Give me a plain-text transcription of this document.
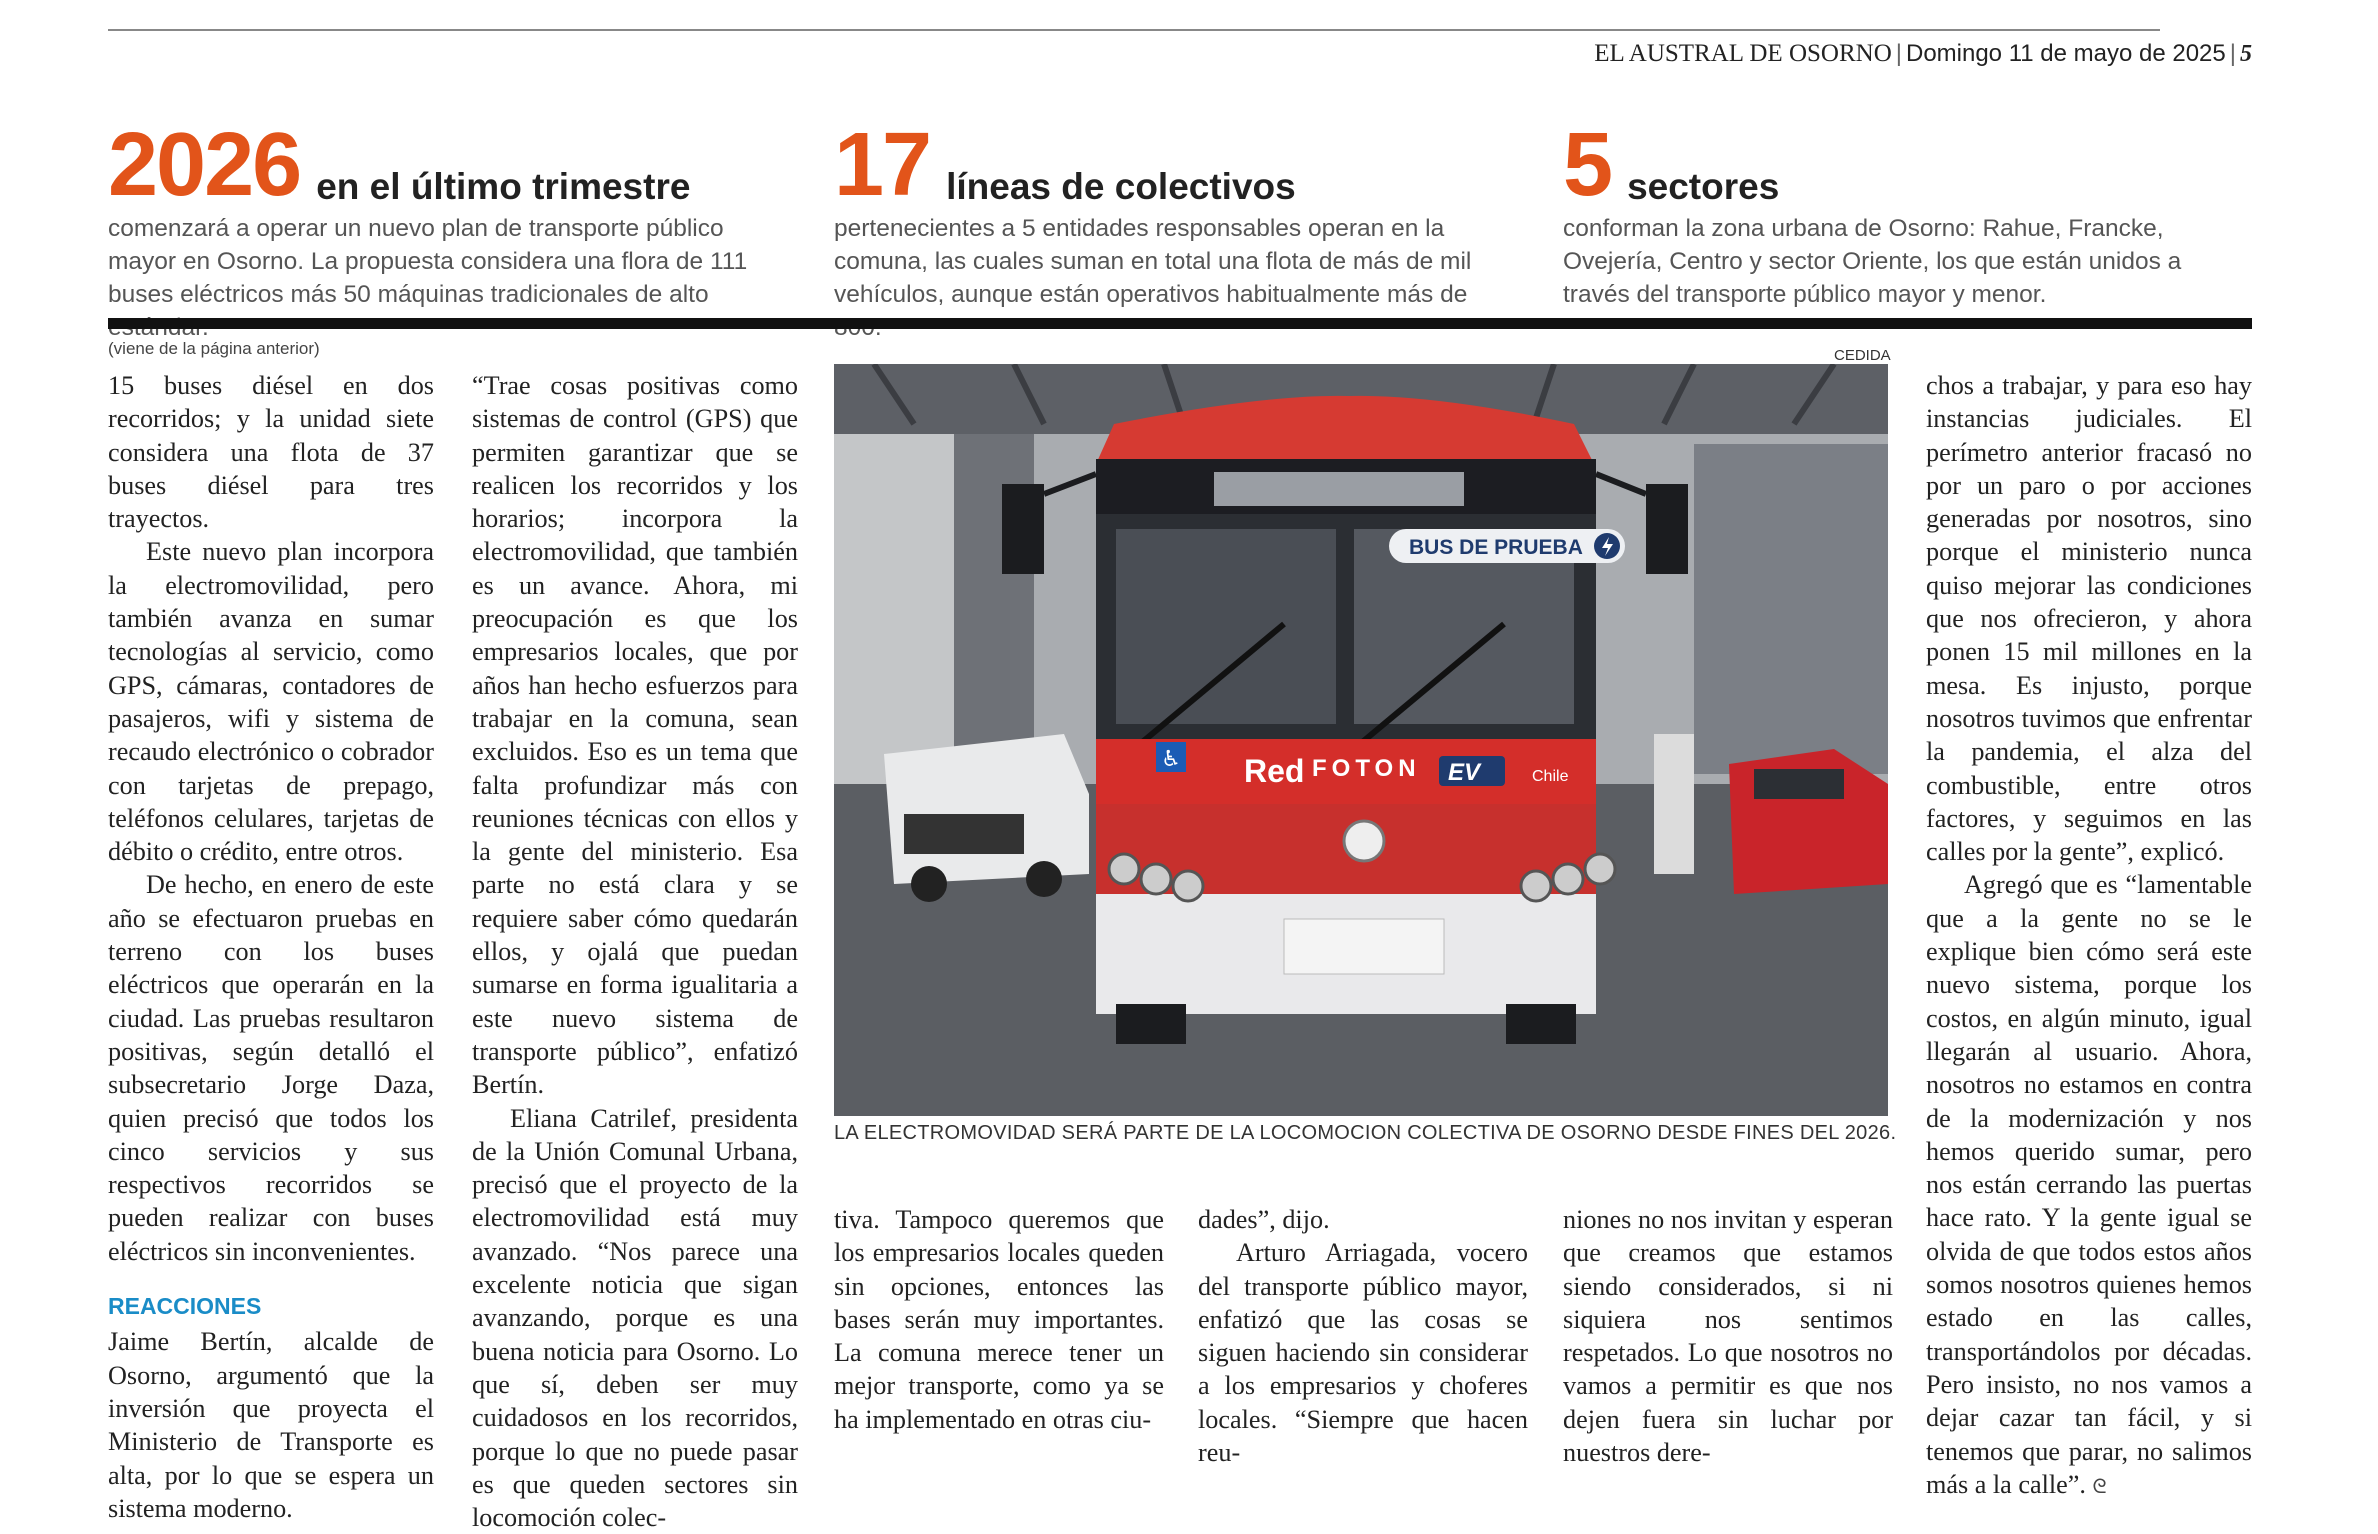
EL AUSTRAL DE OSORNO | Domingo 11 de mayo de 2025 | 5
2026 en el último trimestre
comenzará a operar un nuevo plan de transporte público mayor en Osorno. La propuesta considera una flora de 111 buses eléctricos más 50 máquinas tradicionales de alto
17 líneas de colectivos
pertenecientes a 5 entidades responsables operan en la comuna, las cuales suman en total una flota de más de mil vehículos, aunque están operativos habitualmente más de
5 sectores
conforman la zona urbana de Osorno: Rahue, Francke, Ovejería, Centro y sector Oriente, los que están unidos a través del transporte público mayor y menor.
(viene de la página anterior)

15 buses diésel en dos recorridos; y la unidad siete considera una flota de 37 buses diésel para tres trayectos.

Este nuevo plan incorpora la electromovilidad, pero también avanza en sumar tecnologías al servicio, como GPS, cámaras, contadores de pasajeros, wifi y sistema de recaudo electrónico o cobrador con tarjetas de prepago, teléfonos celulares, tarjetas de débito o crédito, entre otros.

De hecho, en enero de este año se efectuaron pruebas en terreno con los buses eléctricos que operarán en la ciudad. Las pruebas resultaron positivas, según detalló el subsecretario Jorge Daza, quien precisó que todos los cinco servicios y sus respectivos recorridos se pueden realizar con buses eléctricos sin inconvenientes.

REACCIONES

Jaime Bertín, alcalde de Osorno, argumentó que la inversión que proyecta el Ministerio de Transporte es alta, por lo que se espera un sistema moderno.

“Trae cosas positivas como sistemas de control (GPS) que permiten garantizar que se realicen los recorridos y los horarios; incorpora la electromovilidad, que también es un avance. Ahora, mi preocupación es que los empresarios locales, que por años han hecho esfuerzos para trabajar en la comuna, sean excluidos. Eso es un tema que falta profundizar más con reuniones técnicas con ellos y la gente del ministerio. Esa parte no está clara y se requiere saber cómo quedarán ellos, y ojalá que puedan sumarse en forma igualitaria a este nuevo sistema de transporte público”, enfatizó Bertín.

Eliana Catrilef, presidenta de la Unión Comunal Urbana, precisó que el proyecto de la electromovilidad está muy avanzado. “Nos parece una excelente noticia que sigan avanzando, porque es una buena noticia para Osorno. Lo que sí, deben ser muy cuidadosos en los recorridos, porque lo que no puede pasar es que queden sectores sin locomoción colec-

CEDIDA
BUS DE PRUEBA
♿ Red FOTON EV	Chile
LA ELECTROMOVIDAD SERÁ PARTE DE LA LOCOMOCION COLECTIVA DE OSORNO DESDE FINES DEL 2026.

tiva. Tampoco queremos que los empresarios locales queden sin opciones, entonces las bases serán muy importantes. La comuna merece tener un mejor transporte, como ya se ha implementado en otras ciu-

dades”, dijo.

Arturo Arriagada, vocero del transporte público mayor, enfatizó que las cosas se siguen haciendo sin considerar a los empresarios y choferes locales. “Siempre que hacen reu-

niones no nos invitan y esperan que creamos que estamos siendo considerados, si ni siquiera nos sentimos respetados. Lo que nosotros no vamos a permitir es que nos dejen fuera sin luchar por nuestros dere-

chos a trabajar, y para eso hay instancias judiciales. El perímetro anterior fracasó no por un paro o por acciones generadas por nosotros, sino porque el ministerio nunca quiso mejorar las condiciones que nos ofrecieron, y ahora ponen 15 mil millones en la mesa. Es injusto, porque nosotros tuvimos que enfrentar la pandemia, el alza del combustible, entre otros factores, y seguimos en las calles por la gente”, explicó.

Agregó que es “lamentable que a la gente no se le explique bien cómo será este nuevo sistema, porque los costos, en algún minuto, igual llegarán al usuario. Ahora, nosotros no estamos en contra de la modernización y nos hemos querido sumar, pero nos están cerrando las puertas hace rato. Y la gente igual se olvida de que todos estos años somos nosotros quienes hemos estado en las calles, transportándolos por décadas. Pero insisto, no nos vamos a dejar cazar tan fácil, y si tenemos que parar, no salimos más a la calle”. ᘓ
